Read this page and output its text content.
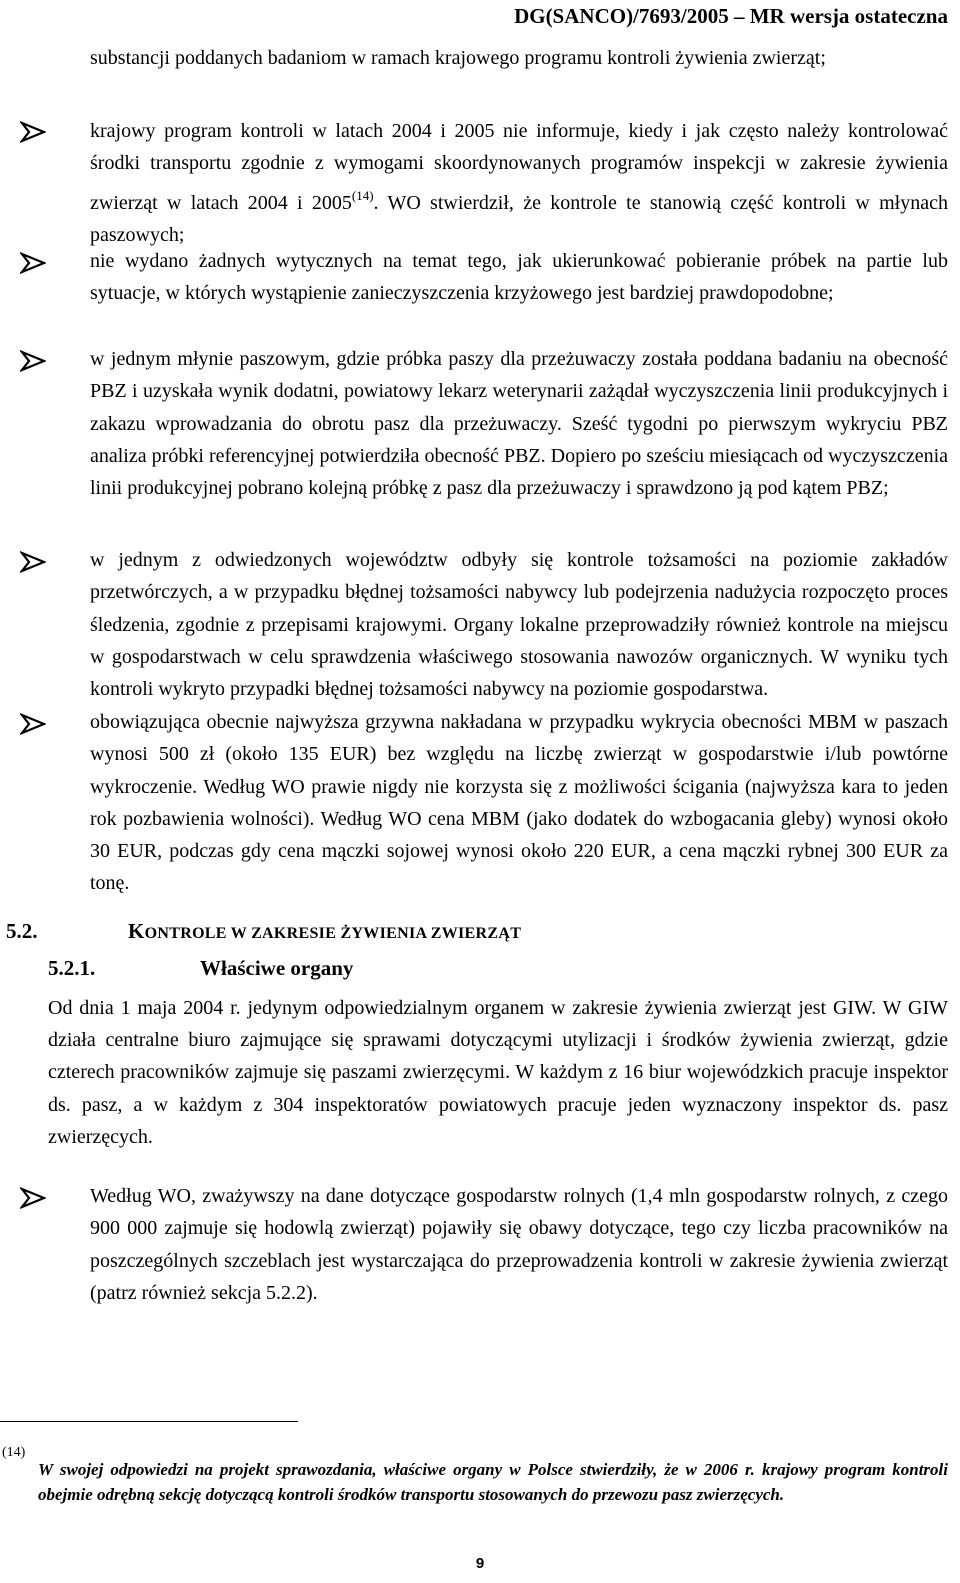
DG(SANCO)/7693/2005 – MR wersja ostateczna
substancji poddanych badaniom w ramach krajowego programu kontroli żywienia zwierząt;
krajowy program kontroli w latach 2004 i 2005 nie informuje, kiedy i jak często należy kontrolować środki transportu zgodnie z wymogami skoordynowanych programów inspekcji w zakresie żywienia zwierząt w latach 2004 i 2005$^{(14)}$. WO stwierdził, że kontrole te stanowią część kontroli w młynach paszowych;
nie wydano żadnych wytycznych na temat tego, jak ukierunkować pobieranie próbek na partie lub sytuacje, w których wystąpienie zanieczyszczenia krzyżowego jest bardziej prawdopodobne;
w jednym młynie paszowym, gdzie próbka paszy dla przeżuwaczy została poddana badaniu na obecność PBZ i uzyskała wynik dodatni, powiatowy lekarz weterynarii zażądał wyczyszczenia linii produkcyjnych i zakazu wprowadzania do obrotu pasz dla przeżuwaczy. Sześć tygodni po pierwszym wykryciu PBZ analiza próbki referencyjnej potwierdziła obecność PBZ. Dopiero po sześciu miesiącach od wyczyszczenia linii produkcyjnej pobrano kolejną próbkę z pasz dla przeżuwaczy i sprawdzono ją pod kątem PBZ;
w jednym z odwiedzonych województw odbyły się kontrole tożsamości na poziomie zakładów przetwórczych, a w przypadku błędnej tożsamości nabywcy lub podejrzenia nadużycia rozpoczęto proces śledzenia, zgodnie z przepisami krajowymi. Organy lokalne przeprowadziły również kontrole na miejscu w gospodarstwach w celu sprawdzenia właściwego stosowania nawozów organicznych. W wyniku tych kontroli wykryto przypadki błędnej tożsamości nabywcy na poziomie gospodarstwa.
obowiązująca obecnie najwyższa grzywna nakładana w przypadku wykrycia obecności MBM w paszach wynosi 500 zł (około 135 EUR) bez względu na liczbę zwierząt w gospodarstwie i/lub powtórne wykroczenie. Według WO prawie nigdy nie korzysta się z możliwości ścigania (najwyższa kara to jeden rok pozbawienia wolności). Według WO cena MBM (jako dodatek do wzbogacania gleby) wynosi około 30 EUR, podczas gdy cena mączki sojowej wynosi około 220 EUR, a cena mączki rybnej 300 EUR za tonę.
5.2.	KONTROLE W ZAKRESIE ŻYWIENIA ZWIERZĄT
5.2.1.	Właściwe organy
Od dnia 1 maja 2004 r. jedynym odpowiedzialnym organem w zakresie żywienia zwierząt jest GIW. W GIW działa centralne biuro zajmujące się sprawami dotyczącymi utylizacji i środków żywienia zwierząt, gdzie czterech pracowników zajmuje się paszami zwierzęcymi. W każdym z 16 biur wojewódzkich pracuje inspektor ds. pasz, a w każdym z 304 inspektoratów powiatowych pracuje jeden wyznaczony inspektor ds. pasz zwierzęcych.
Według WO, zważywszy na dane dotyczące gospodarstw rolnych (1,4 mln gospodarstw rolnych, z czego 900 000 zajmuje się hodowlą zwierząt) pojawiły się obawy dotyczące, tego czy liczba pracowników na poszczególnych szczeblach jest wystarczająca do przeprowadzenia kontroli w zakresie żywienia zwierząt (patrz również sekcja 5.2.2).
(14)
W swojej odpowiedzi na projekt sprawozdania, właściwe organy w Polsce stwierdziły, że w 2006 r. krajowy program kontroli obejmie odrębną sekcję dotyczącą kontroli środków transportu stosowanych do przewozu pasz zwierzęcych.
9
